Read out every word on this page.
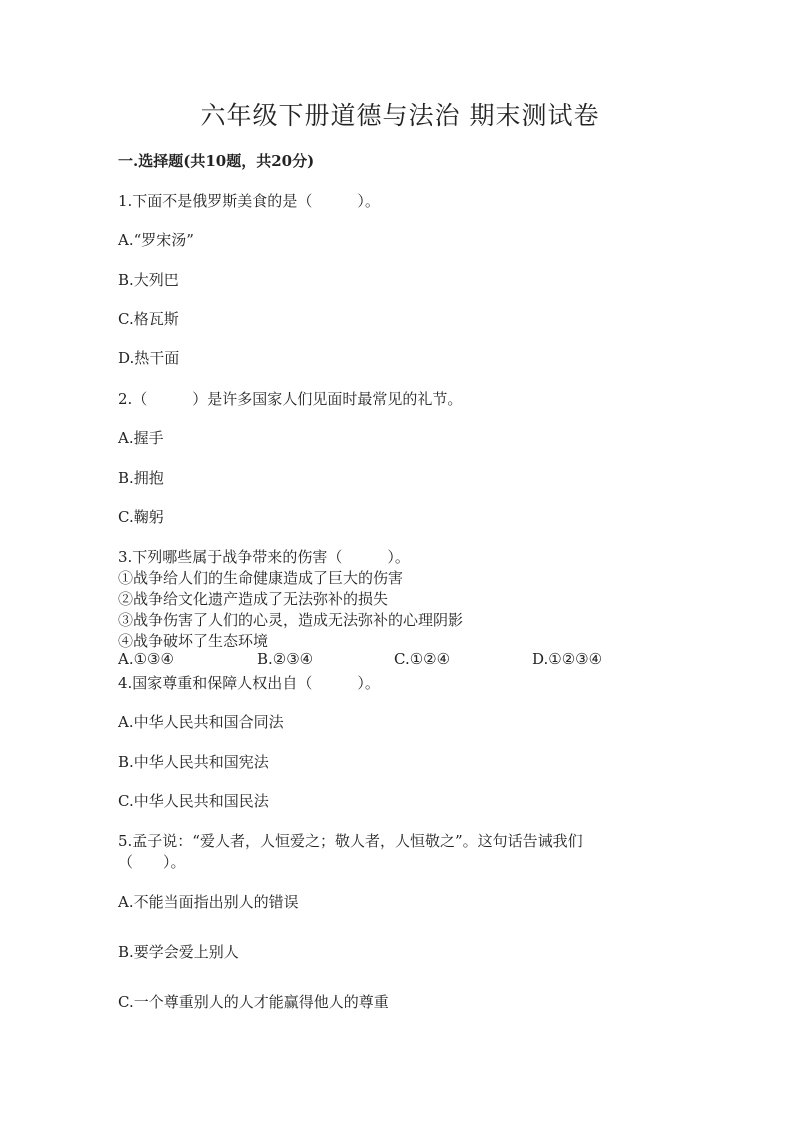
六年级下册道德与法治 期末测试卷
一.选择题(共10题，共20分)
1.下面不是俄罗斯美食的是（　　　）。
A.“罗宋汤”
B.大列巴
C.格瓦斯
D.热干面
2.（　　　）是许多国家人们见面时最常见的礼节。
A.握手
B.拥抱
C.鞠躬
3.下列哪些属于战争带来的伤害（　　　）。
①战争给人们的生命健康造成了巨大的伤害
②战争给文化遗产造成了无法弥补的损失
③战争伤害了人们的心灵，造成无法弥补的心理阴影
④战争破坏了生态环境
A.①③④	B.②③④	C.①②④	D.①②③④
4.国家尊重和保障人权出自（　　　）。
A.中华人民共和国合同法
B.中华人民共和国宪法
C.中华人民共和国民法
5.孟子说：“爱人者，人恒爱之；敬人者，人恒敬之”。这句话告诫我们
（　　）。
A.不能当面指出别人的错误
B.要学会爱上别人
C.一个尊重别人的人才能赢得他人的尊重
